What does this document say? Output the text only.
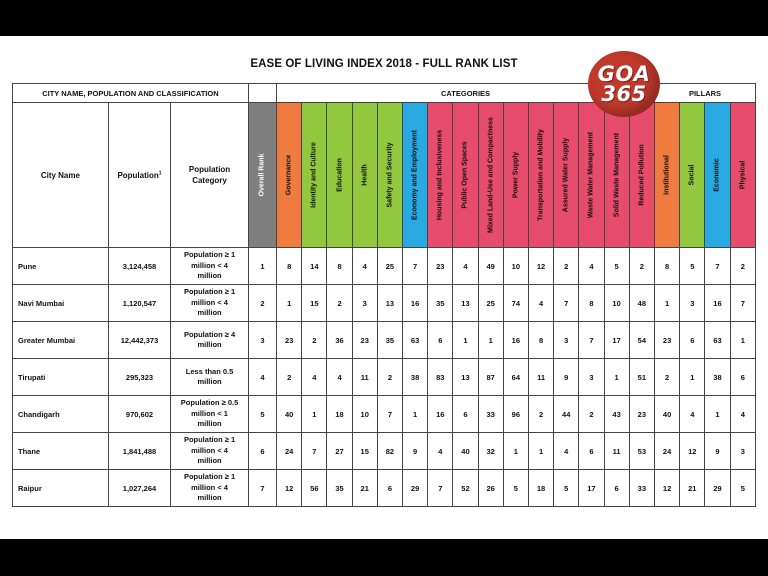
EASE OF LIVING INDEX 2018 - FULL RANK LIST
CITY NAME, POPULATION AND CLASSIFICATION				CATEGORIES															PILLARS			
City Name	Population$^1$	Population Category	Overall Rank	Governance	Identity and Culture	Education	Health	Safety and Security	Economy and Employment	Housing and Inclusiveness	Public Open Spaces	Mixed Land-Use and Compactness	Power Supply	Transportation and Mobility	Assured Water Supply	Waste Water Management	Solid Waste Management	Reduced Pollution	Institutional	Social	Economic	Physical

Pune	3,124,458	Population ≥ 1
million < 4
million	1	8	14	8	4	25	7	23	4	49	10	12	2	4	5	2	8	5	7	2
Navi Mumbai	1,120,547	Population ≥ 1
million < 4
million	2	1	15	2	3	13	16	35	13	25	74	4	7	8	10	48	1	3	16	7
Greater Mumbai	12,442,373	Population ≥ 4
million	3	23	2	36	23	35	63	6	1	1	16	8	3	7	17	54	23	6	63	1
Tirupati	295,323	Less than 0.5
million	4	2	4	4	11	2	38	83	13	87	64	11	9	3	1	51	2	1	38	6
Chandigarh	970,602	Population ≥ 0.5
million < 1
million	5	40	1	18	10	7	1	16	6	33	96	2	44	2	43	23	40	4	1	4
Thane	1,841,488	Population ≥ 1
million < 4
million	6	24	7	27	15	82	9	4	40	32	1	1	4	6	11	53	24	12	9	3
Raipur	1,027,264	Population ≥ 1
million < 4
million	7	12	56	35	21	6	29	7	52	26	5	18	5	17	6	33	12	21	29	5
GOA
365
